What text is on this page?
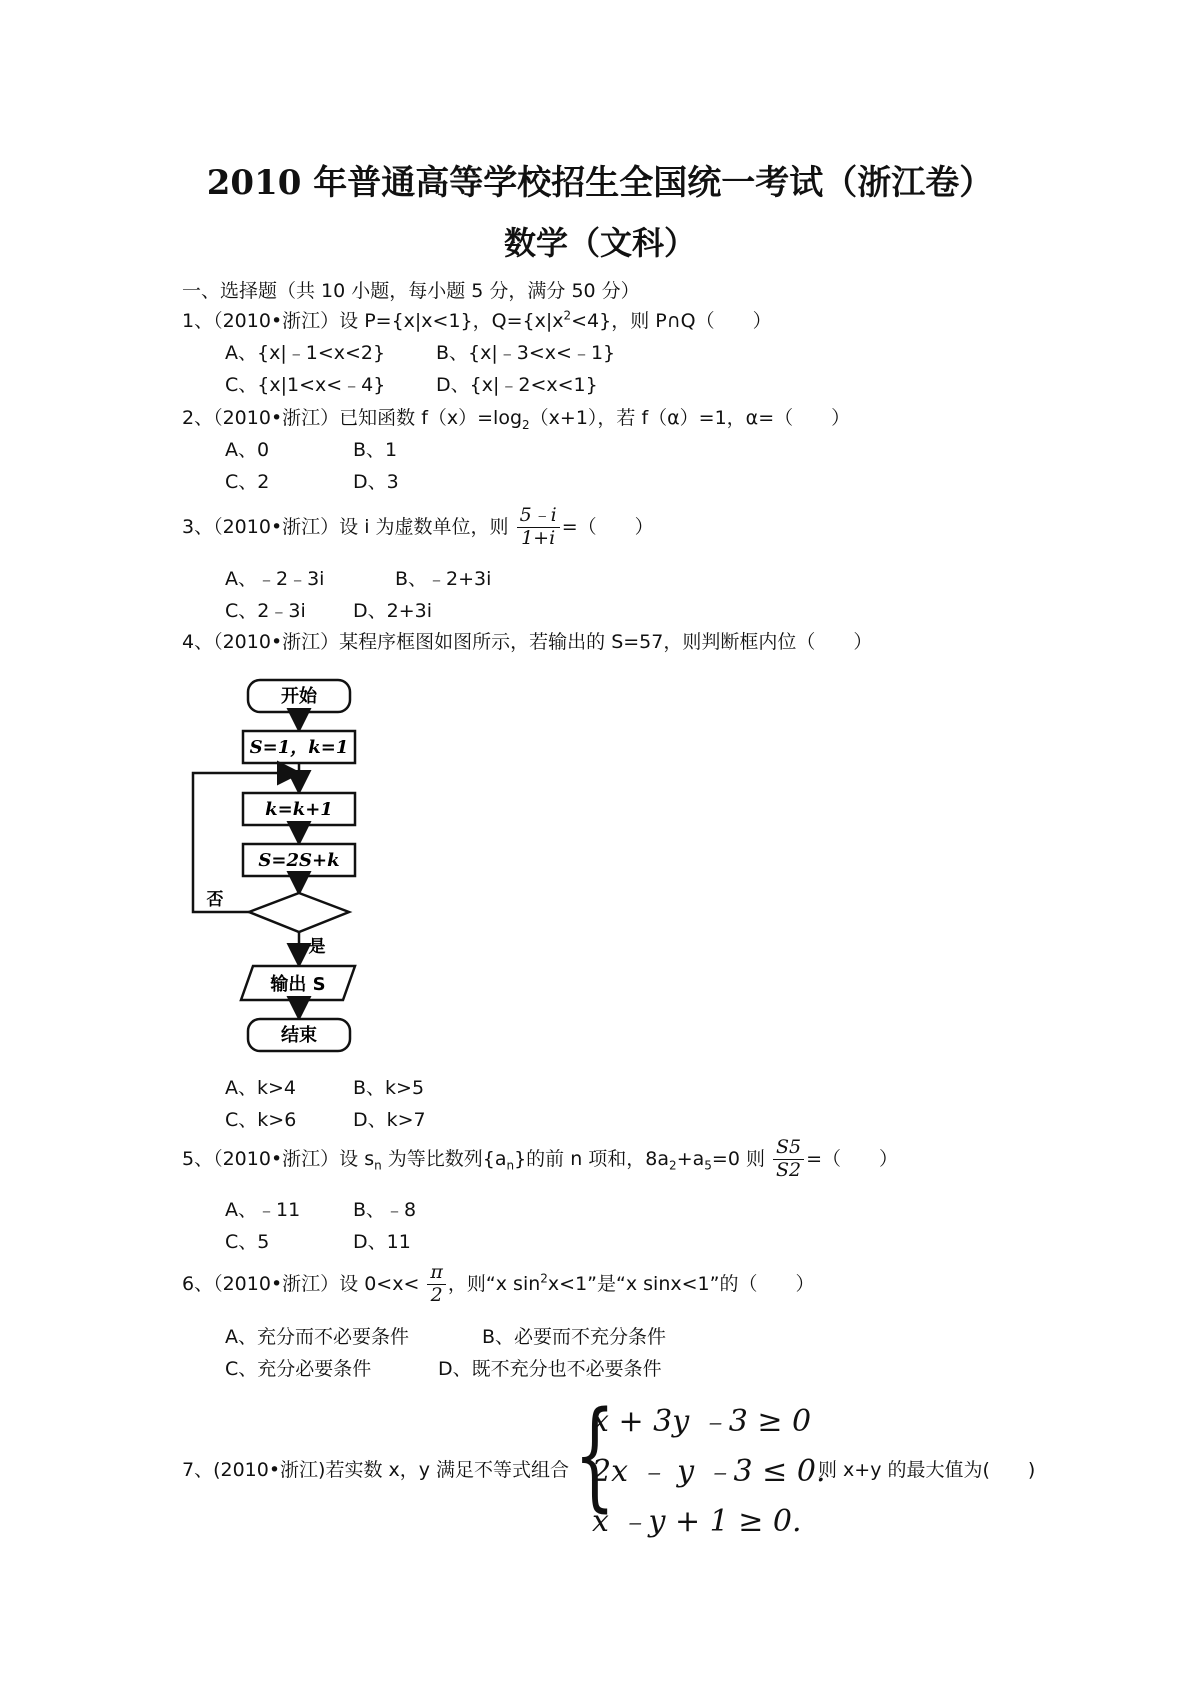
2010 年普通高等学校招生全国统一考试（浙江卷）
数学（文科）
一、选择题（共 10 小题，每小题 5 分，满分 50 分）
1、（2010•浙江）设 P={x|x<1}，$Q=\{x|x^2<4\}$，则 P∩Q（　　）
A、{x|﹣1<x<2}	B、{x|﹣3<x<﹣1}
C、{x|1<x<﹣4}	D、{x|﹣2<x<1}
2、（2010•浙江）已知函数 $f(x)=\log_2(x+1)$，若 f（α）=1，α=（　　）
A、0	B、1
C、2	D、3
3、（2010•浙江）设 i 为虚数单位，则 $\frac{5﹣i}{1+i}$ =（　　）
A、﹣2﹣3i	B、﹣2+3i
C、2﹣3i D、2+3i
4、（2010•浙江）某程序框图如图所示，若输出的 S=57，则判断框内位（　　）
开始
S=1，k=1
k=k+1
S=2S+k
否
是
输出 S
结束
A、k>4	B、k>5
C、k>6	D、k>7
5、（2010•浙江）设 $s_n$ 为等比数列$\{a_n\}$的前 n 项和，$8a_2+a_5=0$ 则 $\frac{S5}{S2}$ =（　　）
A、﹣11	B、﹣8
C、5	D、11
6、（2010•浙江）设 $0<x< \frac{\pi}{2}$ ，则“x $\sin^2x<1$”是“x sinx<1”的（　　）
A、充分而不必要条件	B、必要而不充分条件
C、充分必要条件	D、既不充分也不必要条件
7、(2010•浙江)若实数 x，y 满足不等式组合 {
x + 3y ﹣3 ≥ 0
2x ﹣ y ﹣3 ≤ 0.
x ﹣y + 1 ≥ 0.
则 x+y 的最大值为(　　)
